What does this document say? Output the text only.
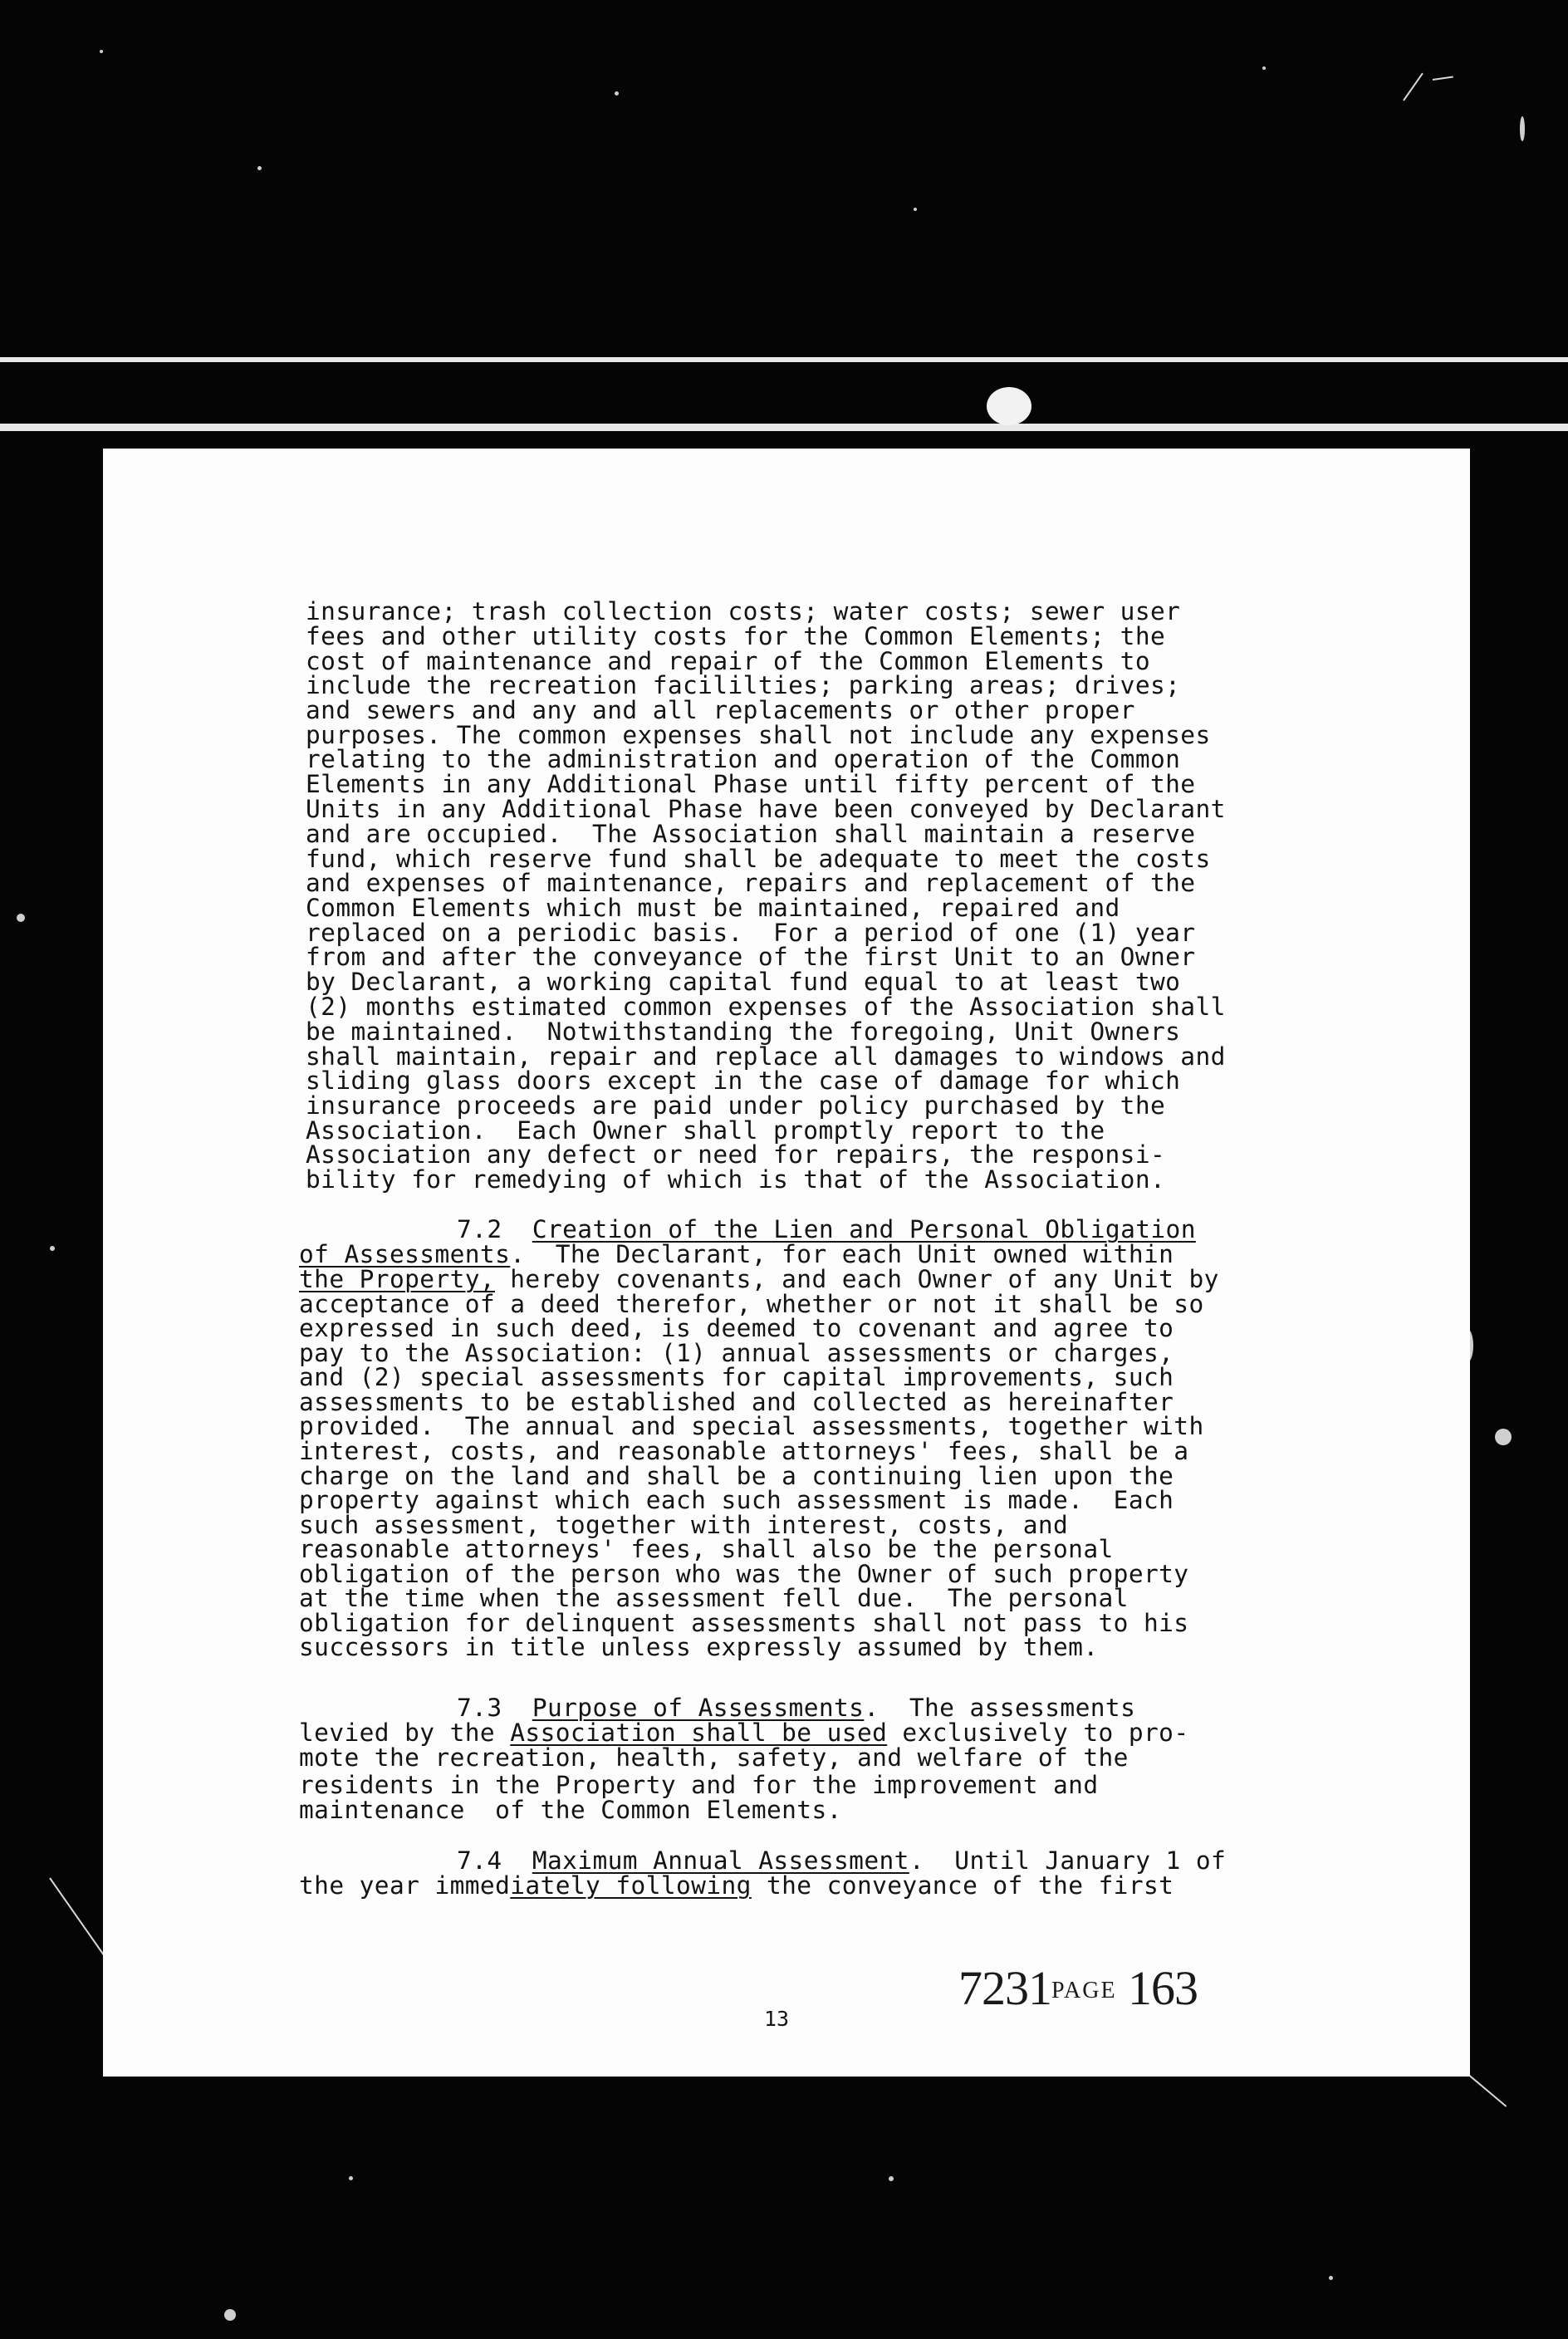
insurance; trash collection costs; water costs; sewer user
fees and other utility costs for the Common Elements; the
cost of maintenance and repair of the Common Elements to
include the recreation facililties; parking areas; drives;
and sewers and any and all replacements or other proper
purposes. The common expenses shall not include any expenses
relating to the administration and operation of the Common
Elements in any Additional Phase until fifty percent of the
Units in any Additional Phase have been conveyed by Declarant
and are occupied.  The Association shall maintain a reserve
fund, which reserve fund shall be adequate to meet the costs
and expenses of maintenance, repairs and replacement of the
Common Elements which must be maintained, repaired and
replaced on a periodic basis.  For a period of one (1) year
from and after the conveyance of the first Unit to an Owner
by Declarant, a working capital fund equal to at least two
(2) months estimated common expenses of the Association shall
be maintained.  Notwithstanding the foregoing, Unit Owners
shall maintain, repair and replace all damages to windows and
sliding glass doors except in the case of damage for which
insurance proceeds are paid under policy purchased by the
Association.  Each Owner shall promptly report to the
Association any defect or need for repairs, the responsi-
bility for remedying of which is that of the Association.
7.2 Creation of the Lien and Personal Obligation
of Assessments.  The Declarant, for each Unit owned within
the Property, hereby covenants, and each Owner of any Unit by
acceptance of a deed therefor, whether or not it shall be so
expressed in such deed, is deemed to covenant and agree to
pay to the Association: (1) annual assessments or charges,
and (2) special assessments for capital improvements, such
assessments to be established and collected as hereinafter
provided.  The annual and special assessments, together with
interest, costs, and reasonable attorneys' fees, shall be a
charge on the land and shall be a continuing lien upon the
property against which each such assessment is made.  Each
such assessment, together with interest, costs, and
reasonable attorneys' fees, shall also be the personal
obligation of the person who was the Owner of such property
at the time when the assessment fell due.  The personal
obligation for delinquent assessments shall not pass to his
successors in title unless expressly assumed by them.
7.3 Purpose of Assessments.  The assessments
levied by the Association shall be used exclusively to pro-
mote the recreation, health, safety, and welfare of the
residents in the Property and for the improvement and
maintenance  of the Common Elements.
7.4 Maximum Annual Assessment.  Until January 1 of
the year immediately following the conveyance of the first
7231PAGE 163
13
